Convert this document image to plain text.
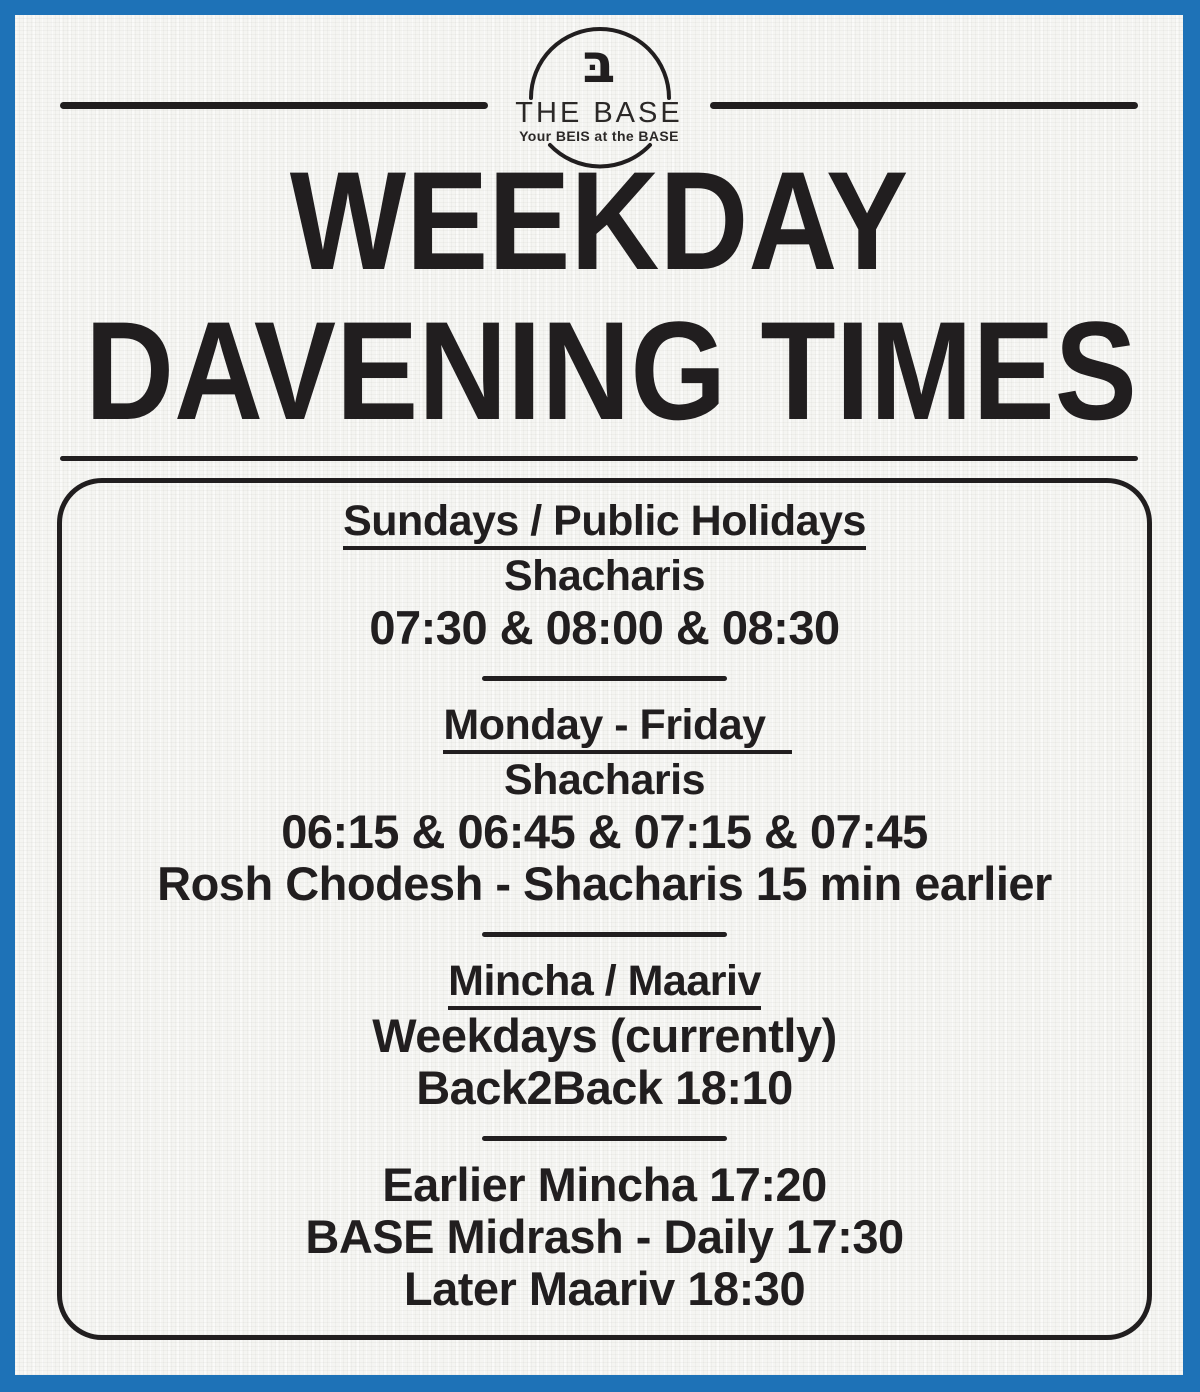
בּ
THE BASE
Your BEIS at the BASE
WEEKDAY
DAVENING TIMES
Sundays / Public Holidays
Shacharis
07:30 & 08:00 & 08:30
Monday - Friday
Shacharis
06:15 & 06:45 & 07:15 & 07:45
Rosh Chodesh - Shacharis 15 min earlier
Mincha / Maariv
Weekdays (currently)
Back2Back 18:10
Earlier Mincha 17:20
BASE Midrash - Daily 17:30
Later Maariv 18:30
